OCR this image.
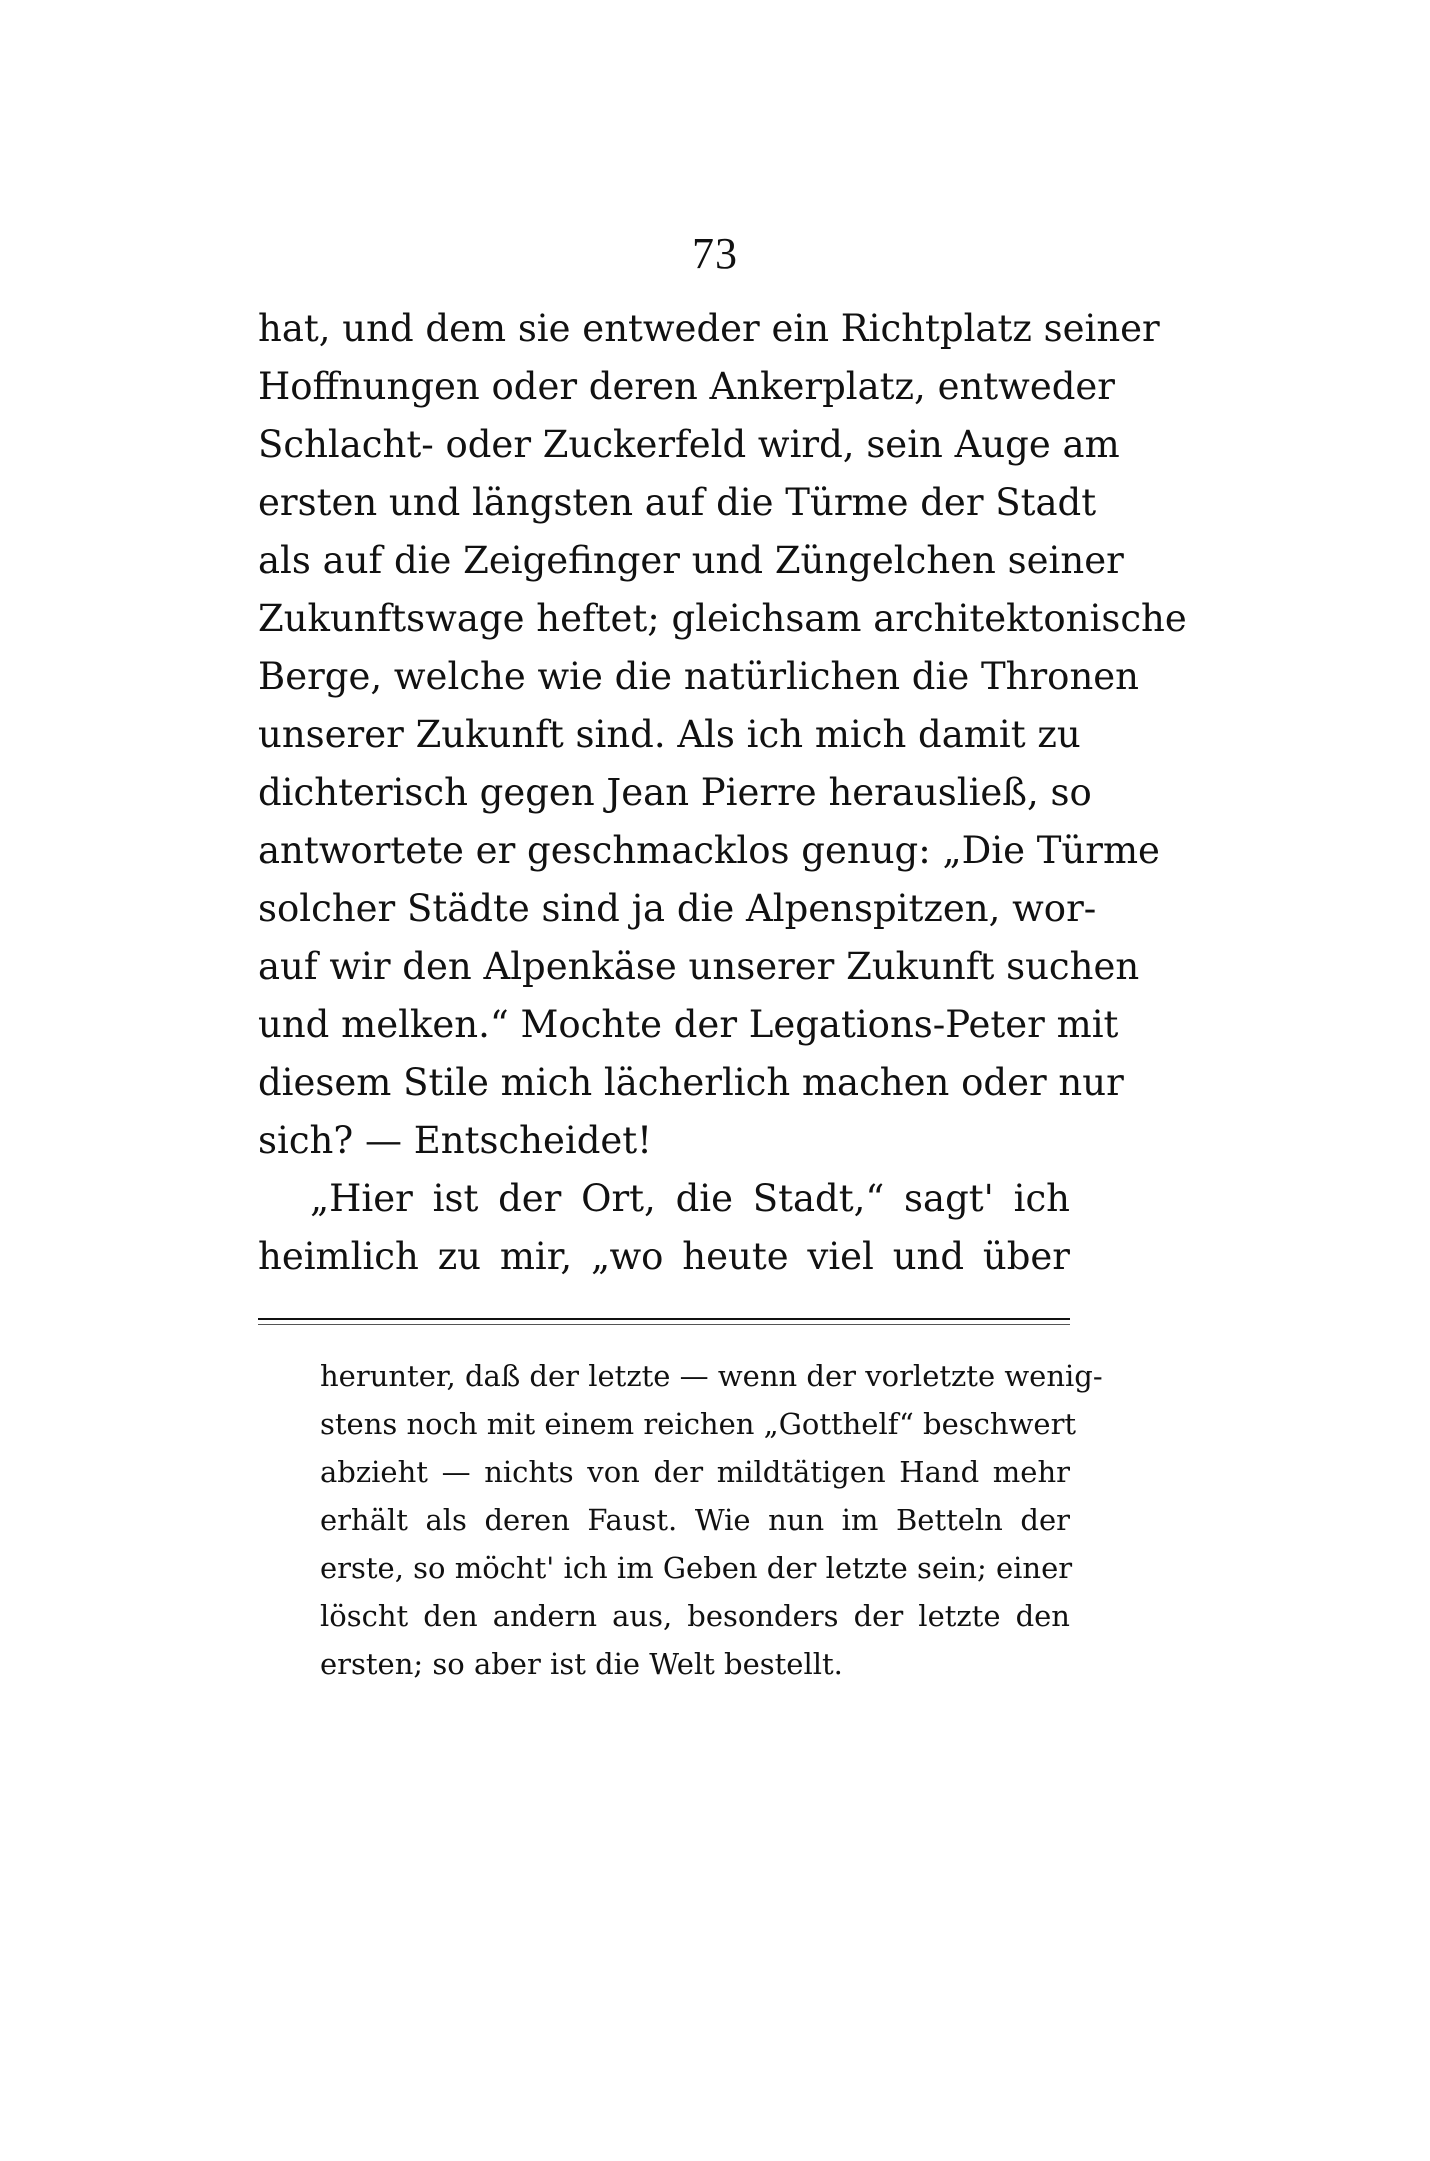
73
hat, und dem sie entweder ein Richtplatz seiner
Hoffnungen oder deren Ankerplatz, entweder
Schlacht- oder Zuckerfeld wird, sein Auge am
ersten und längsten auf die Türme der Stadt
als auf die Zeigefinger und Züngelchen seiner
Zukunftswage heftet; gleichsam architektonische
Berge, welche wie die natürlichen die Thronen
unserer Zukunft sind. Als ich mich damit zu
dichterisch gegen Jean Pierre herausließ, so
antwortete er geschmacklos genug: „Die Türme
solcher Städte sind ja die Alpenspitzen, wor-
auf wir den Alpenkäse unserer Zukunft suchen
und melken.“ Mochte der Legations-Peter mit
diesem Stile mich lächerlich machen oder nur
sich? — Entscheidet!
„Hier ist der Ort, die Stadt,“ sagt' ich
heimlich zu mir, „wo heute viel und über
herunter, daß der letzte — wenn der vorletzte wenig-
stens noch mit einem reichen „Gotthelf“ beschwert
abzieht — nichts von der mildtätigen Hand mehr
erhält als deren Faust. Wie nun im Betteln der
erste, so möcht' ich im Geben der letzte sein; einer
löscht den andern aus, besonders der letzte den
ersten; so aber ist die Welt bestellt.
